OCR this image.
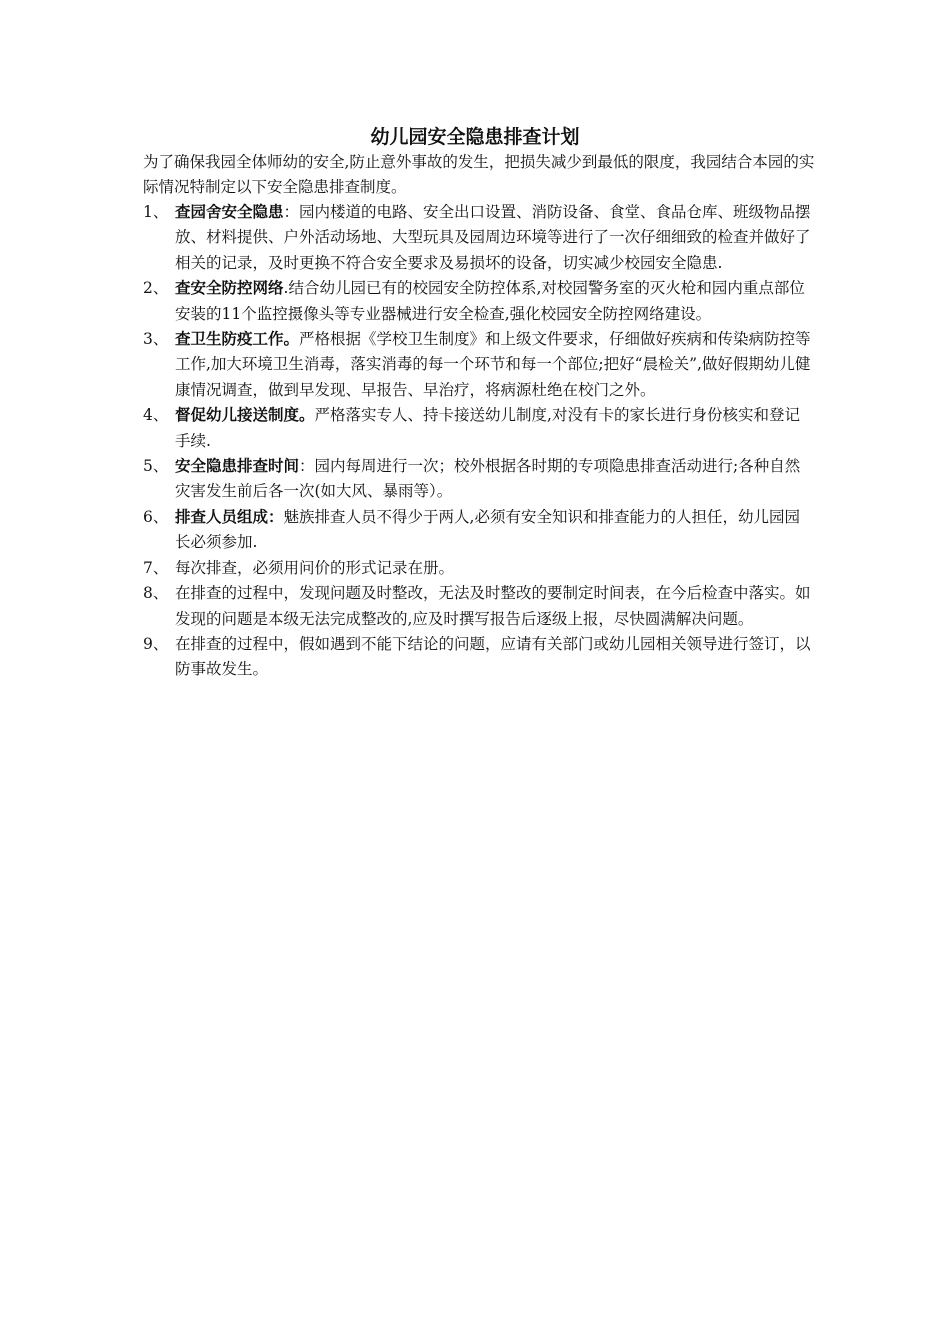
幼儿园安全隐患排查计划

为了确保我园全体师幼的安全,防止意外事故的发生，把损失减少到最低的限度，我园结合本园的实际情况特制定以下安全隐患排查制度。

1、 查园舍安全隐患：园内楼道的电路、安全出口设置、消防设备、食堂、食品仓库、班级物品摆放、材料提供、户外活动场地、大型玩具及园周边环境等进行了一次仔细细致的检查并做好了相关的记录，及时更换不符合安全要求及易损坏的设备，切实减少校园安全隐患.
2、 查安全防控网络.结合幼儿园已有的校园安全防控体系,对校园警务室的灭火枪和园内重点部位安装的11个监控摄像头等专业器械进行安全检查,强化校园安全防控网络建设。
3、 查卫生防疫工作。严格根据《学校卫生制度》和上级文件要求，仔细做好疾病和传染病防控等工作,加大环境卫生消毒，落实消毒的每一个环节和每一个部位;把好“晨检关”,做好假期幼儿健康情况调查，做到早发现、早报告、早治疗，将病源杜绝在校门之外。
4、 督促幼儿接送制度。严格落实专人、持卡接送幼儿制度,对没有卡的家长进行身份核实和登记手续.
5、 安全隐患排查时间：园内每周进行一次；校外根据各时期的专项隐患排查活动进行;各种自然灾害发生前后各一次(如大风、暴雨等）。
6、 排查人员组成：魅族排查人员不得少于两人,必须有安全知识和排查能力的人担任，幼儿园园长必须参加.
7、 每次排查，必须用问价的形式记录在册。
8、 在排查的过程中，发现问题及时整改，无法及时整改的要制定时间表，在今后检查中落实。如发现的问题是本级无法完成整改的,应及时撰写报告后逐级上报，尽快圆满解决问题。
9、 在排查的过程中，假如遇到不能下结论的问题，应请有关部门或幼儿园相关领导进行签订，以防事故发生。
